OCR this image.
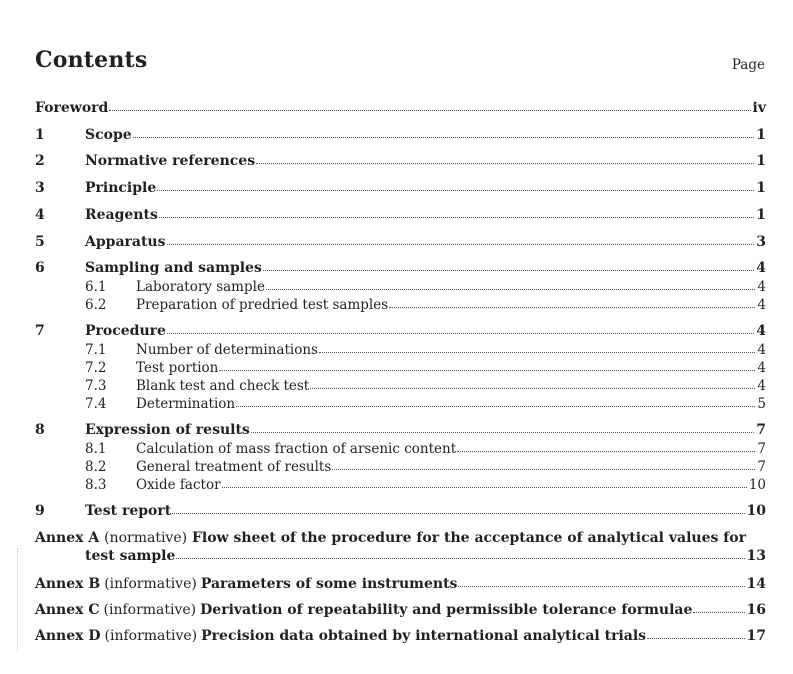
Contents	Page
Foreword	iv
1	Scope	1
2	Normative references	1
3	Principle	1
4	Reagents	1
5	Apparatus	3
6	Sampling and samples	4
6.1	Laboratory sample	4
6.2	Preparation of predried test samples	4
7	Procedure	4
7.1	Number of determinations	4
7.2	Test portion	4
7.3	Blank test and check test	4
7.4	Determination	5
8	Expression of results	7
8.1	Calculation of mass fraction of arsenic content	7
8.2	General treatment of results	7
8.3	Oxide factor	10
9	Test report	10
Annex A (normative) Flow sheet of the procedure for the acceptance of analytical values for
test sample	13
Annex B (informative) Parameters of some instruments	14
Annex C (informative) Derivation of repeatability and permissible tolerance formulae	16
Annex D (informative) Precision data obtained by international analytical trials	17
